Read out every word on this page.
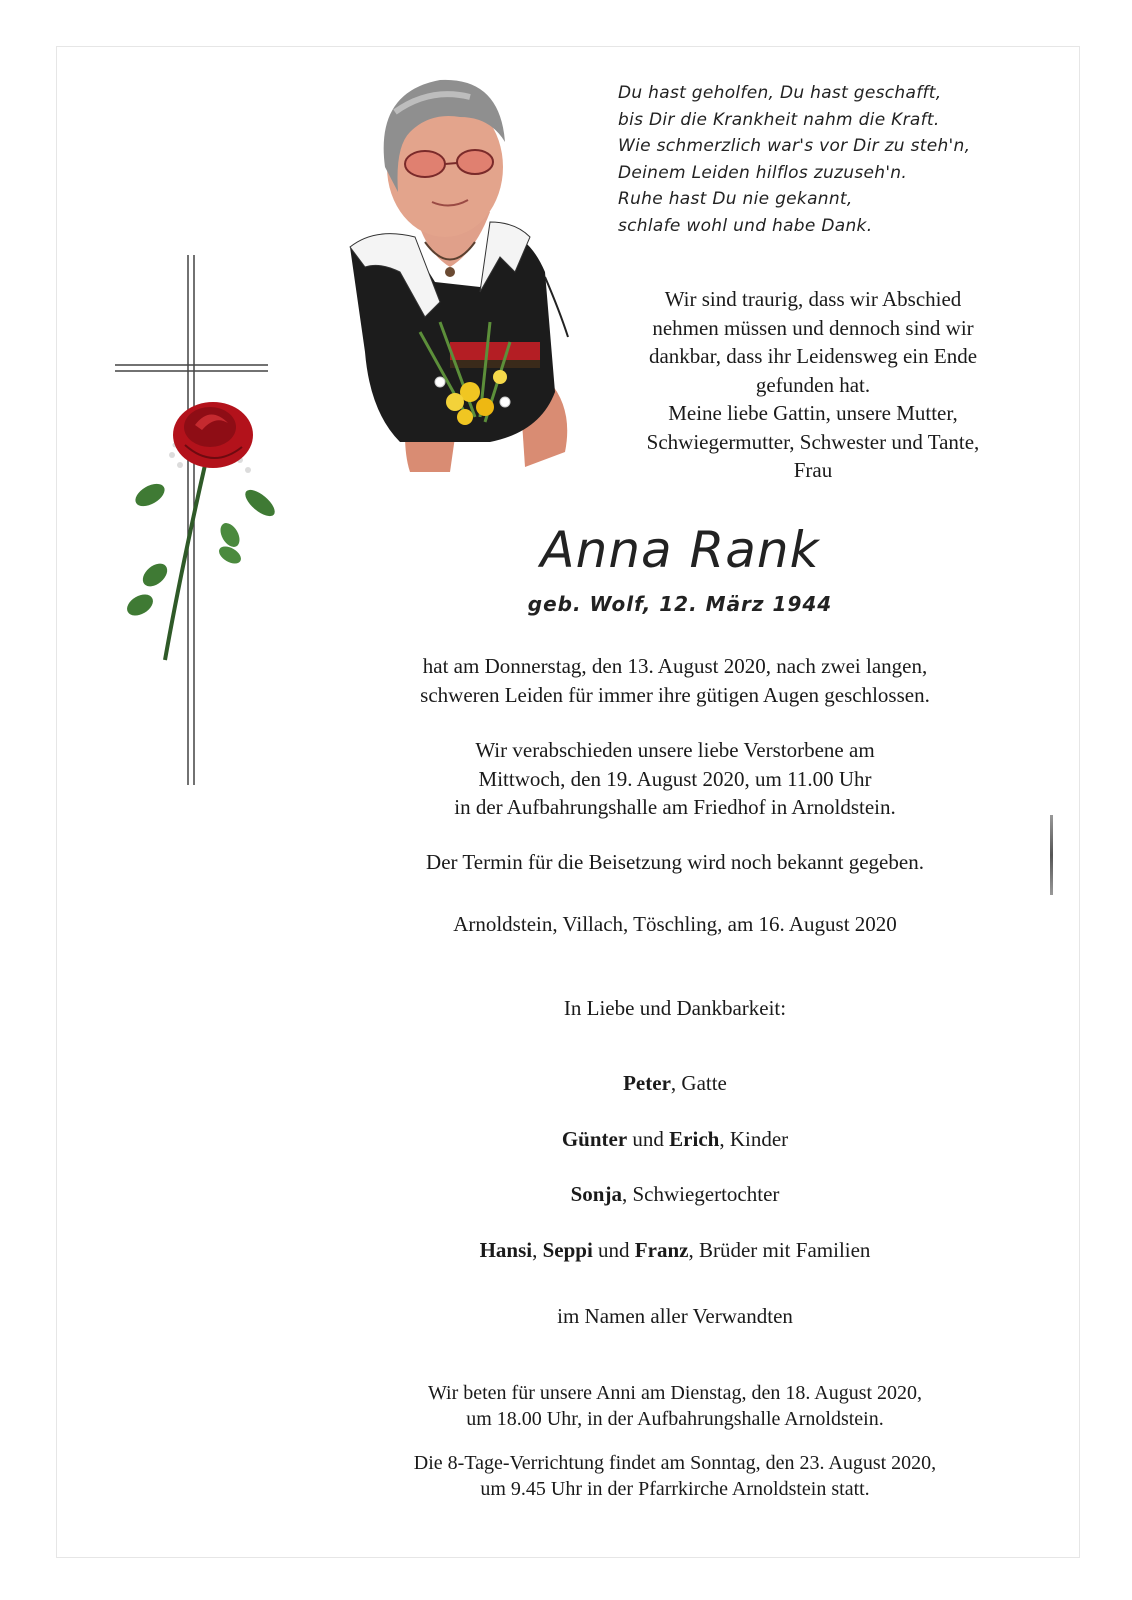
Du hast geholfen, Du hast geschafft,
bis Dir die Krankheit nahm die Kraft.
Wie schmerzlich war's vor Dir zu steh'n,
Deinem Leiden hilflos zuzuseh'n.
Ruhe hast Du nie gekannt,
schlafe wohl und habe Dank.
Wir sind traurig, dass wir Abschied
nehmen müssen und dennoch sind wir
dankbar, dass ihr Leidensweg ein Ende
gefunden hat.
Meine liebe Gattin, unsere Mutter,
Schwiegermutter, Schwester und Tante,
Frau
Anna Rank
geb. Wolf, 12. März 1944
hat am Donnerstag, den 13. August 2020, nach zwei langen,
schweren Leiden für immer ihre gütigen Augen geschlossen.
Wir verabschieden unsere liebe Verstorbene am
Mittwoch, den 19. August 2020, um 11.00 Uhr
in der Aufbahrungshalle am Friedhof in Arnoldstein.
Der Termin für die Beisetzung wird noch bekannt gegeben.
Arnoldstein, Villach, Töschling, am 16. August 2020
In Liebe und Dankbarkeit:
Peter, Gatte
Günter und Erich, Kinder
Sonja, Schwiegertochter
Hansi, Seppi und Franz, Brüder mit Familien
im Namen aller Verwandten
Wir beten für unsere Anni am Dienstag, den 18. August 2020,
um 18.00 Uhr, in der Aufbahrungshalle Arnoldstein.
Die 8-Tage-Verrichtung findet am Sonntag, den 23. August 2020,
um 9.45 Uhr in der Pfarrkirche Arnoldstein statt.
